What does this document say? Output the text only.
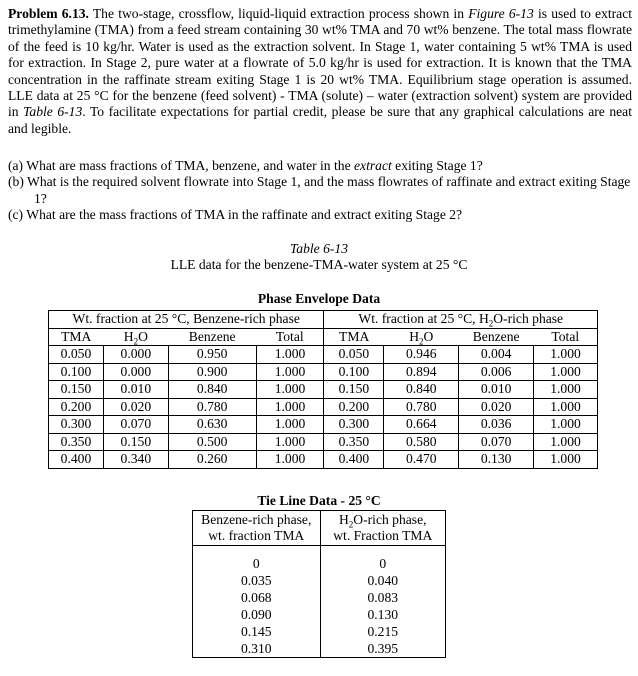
Problem 6.13. The two-stage, crossflow, liquid-liquid extraction process shown in Figure 6-13 is used to extract trimethylamine (TMA) from a feed stream containing 30 wt% TMA and 70 wt% benzene. The total mass flowrate of the feed is 10 kg/hr. Water is used as the extraction solvent. In Stage 1, water containing 5 wt% TMA is used for extraction. In Stage 2, pure water at a flowrate of 5.0 kg/hr is used for extraction. It is known that the TMA concentration in the raffinate stream exiting Stage 1 is 20 wt% TMA. Equilibrium stage operation is assumed. LLE data at 25 °C for the benzene (feed solvent) - TMA (solute) – water (extraction solvent) system are provided in Table 6-13. To facilitate expectations for partial credit, please be sure that any graphical calculations are neat and legible.
(a) What are mass fractions of TMA, benzene, and water in the extract exiting Stage 1?
(b) What is the required solvent flowrate into Stage 1, and the mass flowrates of raffinate and extract exiting Stage 1?
(c) What are the mass fractions of TMA in the raffinate and extract exiting Stage 2?
Table 6-13
LLE data for the benzene-TMA-water system at 25 °C
Phase Envelope Data
Wt. fraction at 25 °C, Benzene-rich phase				Wt. fraction at 25 °C, $H_2O$-rich phase			
TMA	$H_2O$	Benzene	Total	TMA	$H_2O$	Benzene	Total
0.050	0.000	0.950	1.000	0.050	0.946	0.004	1.000
0.100	0.000	0.900	1.000	0.100	0.894	0.006	1.000
0.150	0.010	0.840	1.000	0.150	0.840	0.010	1.000
0.200	0.020	0.780	1.000	0.200	0.780	0.020	1.000
0.300	0.070	0.630	1.000	0.300	0.664	0.036	1.000
0.350	0.150	0.500	1.000	0.350	0.580	0.070	1.000
0.400	0.340	0.260	1.000	0.400	0.470	0.130	1.000
Tie Line Data - 25 °C
Benzene-rich phase,
wt. fraction TMA	$H_2O$-rich phase,
wt. Fraction TMA

0	0
0.035	0.040
0.068	0.083
0.090	0.130
0.145	0.215
0.310	0.395
